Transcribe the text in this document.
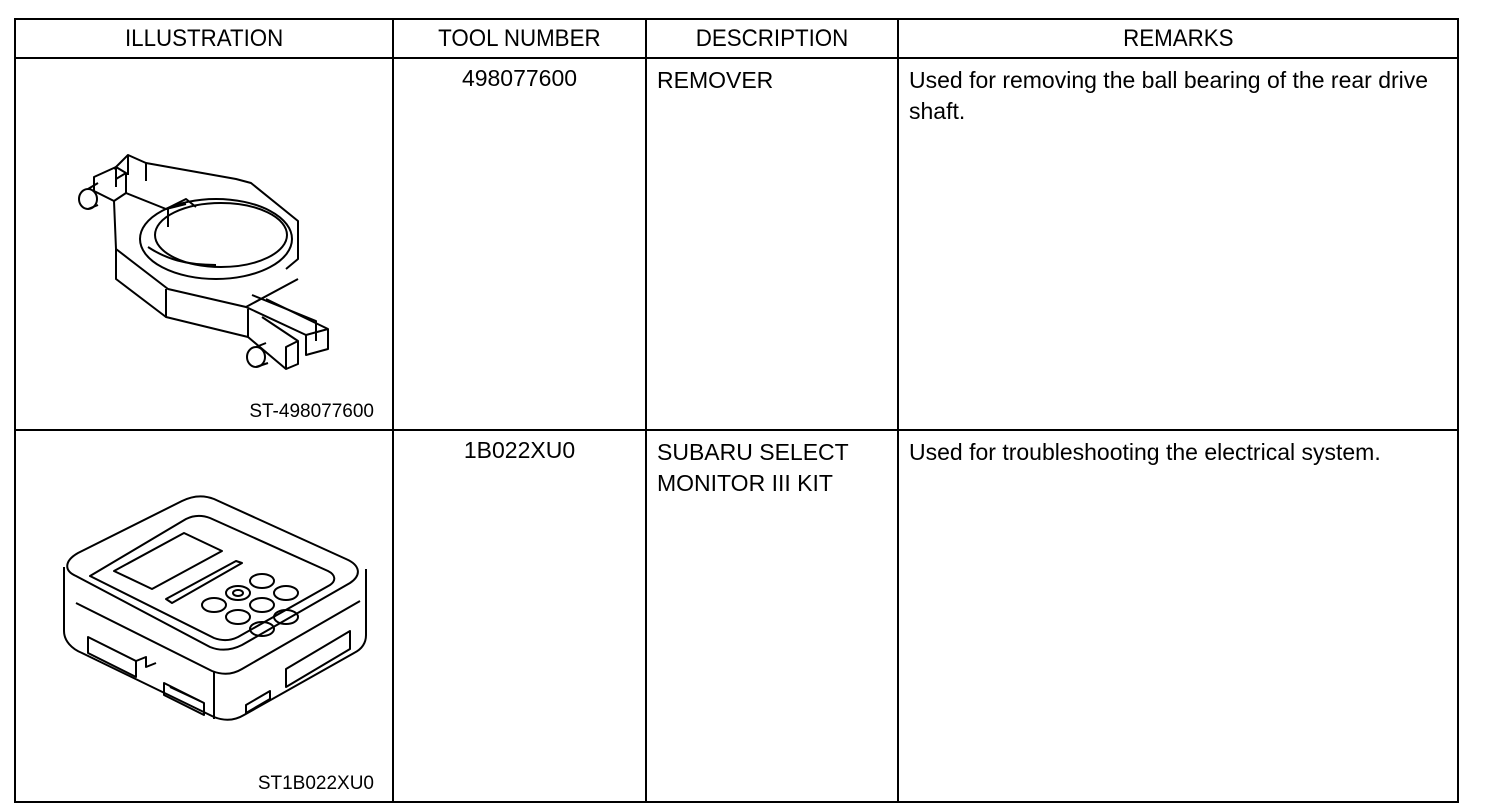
ILLUSTRATION	TOOL NUMBER	DESCRIPTION	REMARKS

ST-498077600	498077600	REMOVER	Used for removing the ball bearing of the rear drive shaft.

ST1B022XU0	1B022XU0	SUBARU SELECT MONITOR III KIT	Used for troubleshooting the electrical system.
